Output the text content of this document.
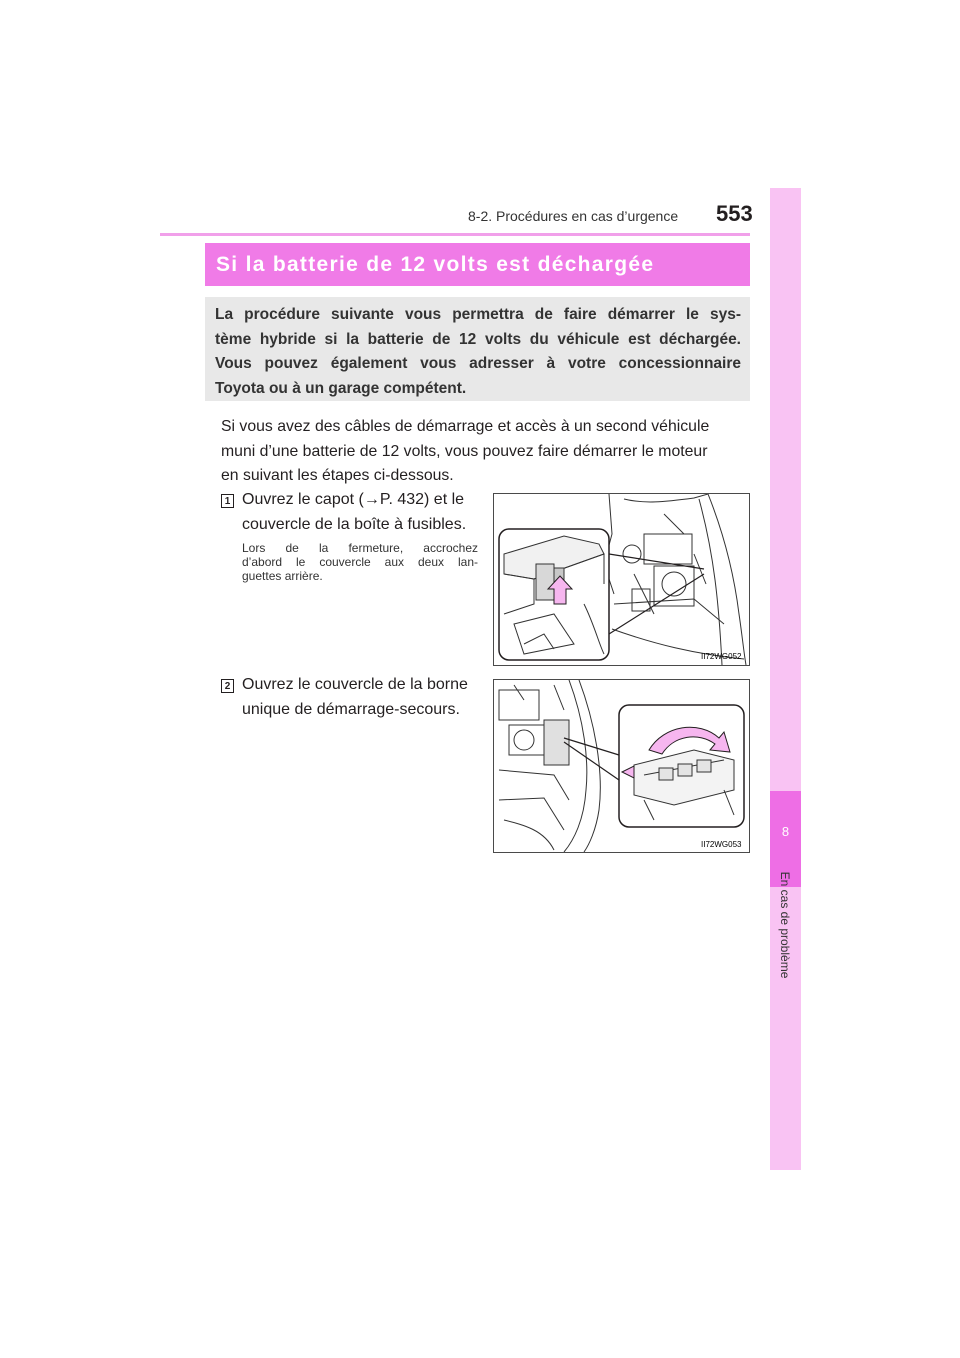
8
En cas de problème
8-2. Procédures en cas d’urgence 553
Si la batterie de 12 volts est déchargée
La procédure suivante vous permettra de faire démarrer le sys-
tème hybride si la batterie de 12 volts du véhicule est déchargée.
Vous pouvez également vous adresser à votre concessionnaire
Toyota ou à un garage compétent.
Si vous avez des câbles de démarrage et accès à un second véhicule
muni d’une batterie de 12 volts, vous pouvez faire démarrer le moteur
en suivant les étapes ci-dessous.
1 Ouvrez le capot (→P. 432) et le
couvercle de la boîte à fusibles.
Lors de la fermeture, accrochez
d’abord le couvercle aux deux lan-
guettes arrière.
II72WG052
2 Ouvrez le couvercle de la borne
unique de démarrage-secours.
II72WG053
